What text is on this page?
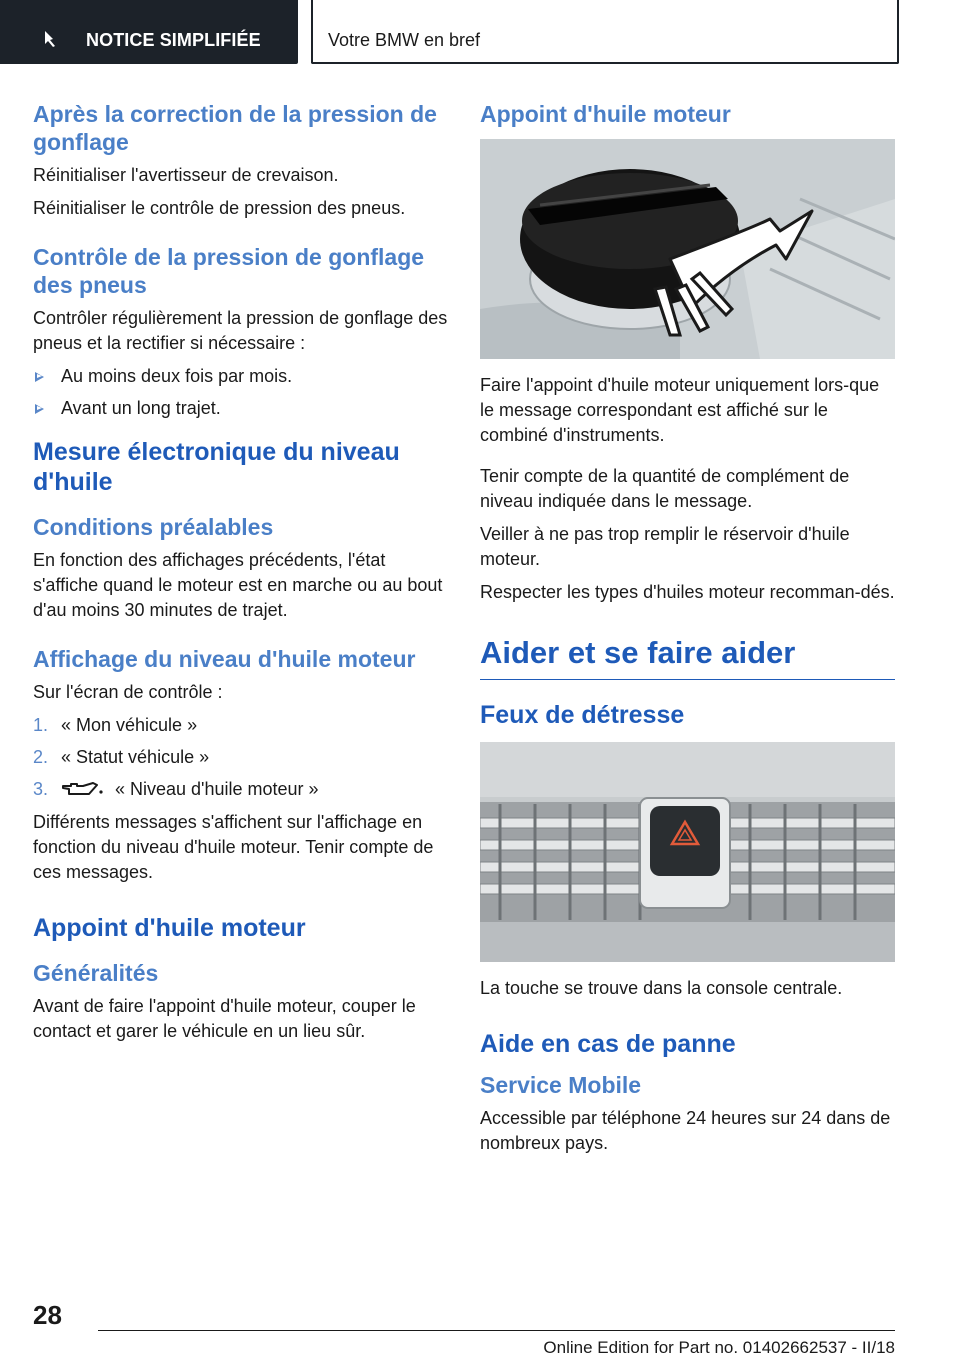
NOTICE SIMPLIFIÉE	Votre BMW en bref
Après la correction de la pression de gonflage

Réinitialiser l'avertisseur de crevaison.

Réinitialiser le contrôle de pression des pneus.

Contrôle de la pression de gonflage des pneus

Contrôler régulièrement la pression de gonflage des pneus et la rectifier si nécessaire :

Au moins deux fois par mois.
Avant un long trajet.
Mesure électronique du niveau d'huile
Conditions préalables

En fonction des affichages précédents, l'état s'affiche quand le moteur est en marche ou au bout d'au moins 30 minutes de trajet.

Affichage du niveau d'huile moteur

Sur l'écran de contrôle :

1. « Mon véhicule »
2. « Statut véhicule »
3.	« Niveau d'huile moteur »

Différents messages s'affichent sur l'affichage en fonction du niveau d'huile moteur. Tenir compte de ces messages.

Appoint d'huile moteur
Généralités

Avant de faire l'appoint d'huile moteur, couper le contact et garer le véhicule en un lieu sûr.

Appoint d'huile moteur

Faire l'appoint d'huile moteur uniquement lors-que le message correspondant est affiché sur le combiné d'instruments.

Tenir compte de la quantité de complément de niveau indiquée dans le message.

Veiller à ne pas trop remplir le réservoir d'huile moteur.

Respecter les types d'huiles moteur recomman-dés.

Aider et se faire aider
Feux de détresse

La touche se trouve dans la console centrale.

Aide en cas de panne
Service Mobile

Accessible par téléphone 24 heures sur 24 dans de nombreux pays.

28
Online Edition for Part no. 01402662537 - II/18
